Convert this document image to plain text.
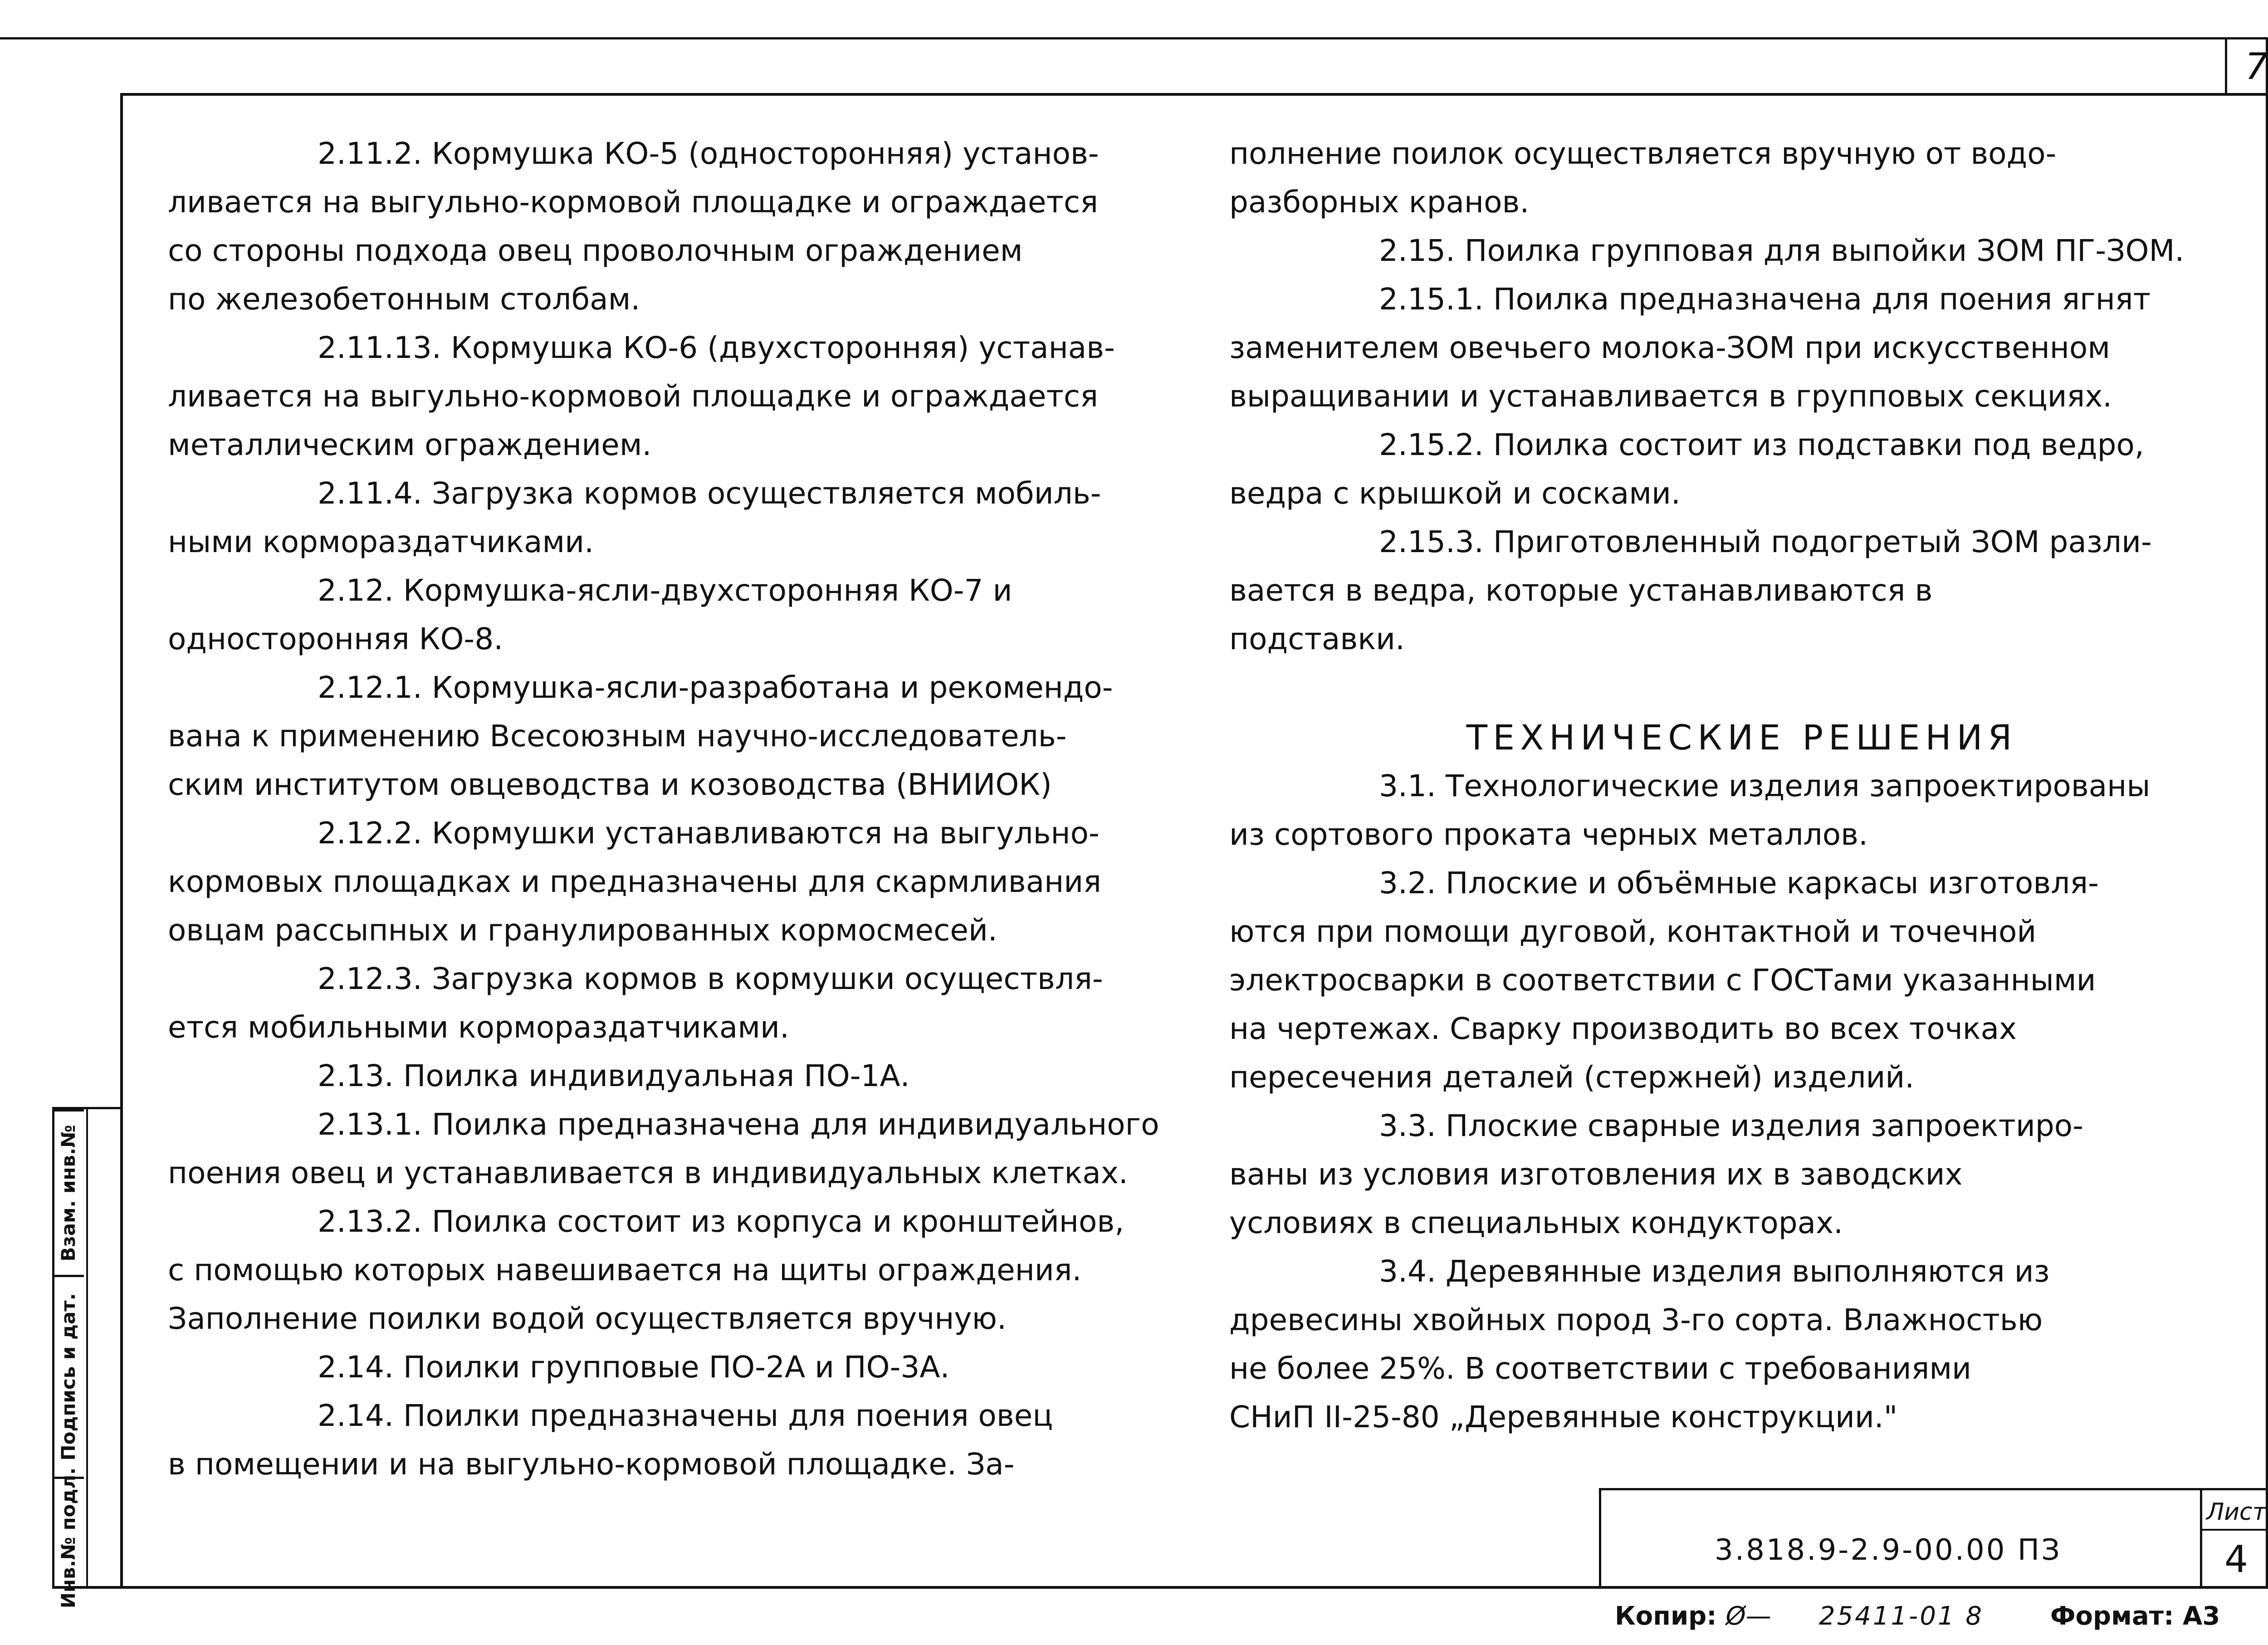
7

2.11.2. Кормушка КО-5 (односторонняя) установ-

ливается на выгульно-кормовой площадке и ограждается

со стороны подхода овец проволочным ограждением

по железобетонным столбам.

2.11.13. Кормушка КО-6 (двухсторонняя) устанав-

ливается на выгульно-кормовой площадке и ограждается

металлическим ограждением.

2.11.4. Загрузка кормов осуществляется мобиль-

ными кормораздатчиками.

2.12. Кормушка-ясли-двухсторонняя КО-7 и

односторонняя КО-8.

2.12.1. Кормушка-ясли-разработана и рекомендо-

вана к применению Всесоюзным научно-исследователь-

ским институтом овцеводства и козоводства (ВНИИОК)

2.12.2. Кормушки устанавливаются на выгульно-

кормовых площадках и предназначены для скармливания

овцам рассыпных и гранулированных кормосмесей.

2.12.3. Загрузка кормов в кормушки осуществля-

ется мобильными кормораздатчиками.

2.13. Поилка индивидуальная ПО-1А.

2.13.1. Поилка предназначена для индивидуального

поения овец и устанавливается в индивидуальных клетках.

2.13.2. Поилка состоит из корпуса и кронштейнов,

с помощью которых навешивается на щиты ограждения.

Заполнение поилки водой осуществляется вручную.

2.14. Поилки групповые ПО-2А и ПО-3А.

2.14. Поилки предназначены для поения овец

в помещении и на выгульно-кормовой площадке. За-

полнение поилок осуществляется вручную от водо-

разборных кранов.

2.15. Поилка групповая для выпойки ЗОМ ПГ-ЗОМ.

2.15.1. Поилка предназначена для поения ягнят

заменителем овечьего молока-ЗОМ при искусственном

выращивании и устанавливается в групповых секциях.

2.15.2. Поилка состоит из подставки под ведро,

ведра с крышкой и сосками.

2.15.3. Приготовленный подогретый ЗОМ разли-

вается в ведра, которые устанавливаются в

подставки.

ТЕХНИЧЕСКИЕ РЕШЕНИЯ

3.1. Технологические изделия запроектированы

из сортового проката черных металлов.

3.2. Плоские и объёмные каркасы изготовля-

ются при помощи дуговой, контактной и точечной

электросварки в соответствии с ГОСТами указанными

на чертежах. Сварку производить во всех точках

пересечения деталей (стержней) изделий.

3.3. Плоские сварные изделия запроектиро-

ваны из условия изготовления их в заводских

условиях в специальных кондукторах.

3.4. Деревянные изделия выполняются из

древесины хвойных пород 3-го сорта. Влажностью

не более 25%. В соответствии с требованиями

СНиП II-25-80 „Деревянные конструкции."

Инв.№ подл.
Подпись и дат.
Взам. инв.№
3.818.9-2.9-00.00 ПЗ
Лист
4
Копир: Ø— 25411-01 8	Формат: А3
